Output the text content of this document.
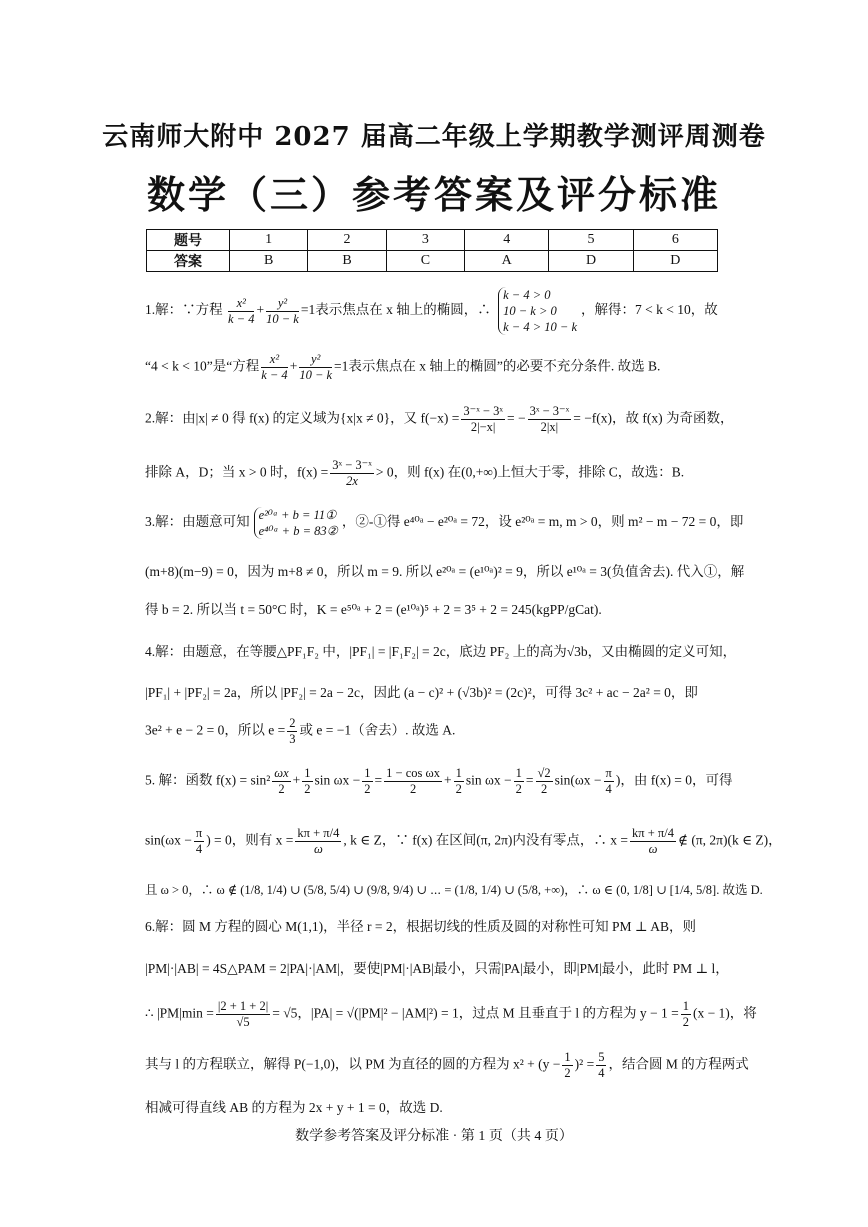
云南师大附中 2027 届高二年级上学期教学测评周测卷
数学（三）参考答案及评分标准
题号	1	2	3	4	5	6
答案	B	B	C	A	D	D
1.解：∵方程 $\frac{\text{x²}}{k - 4} + \frac{\text{y²}}{10 - k} =1$表示焦点在 x 轴上的椭圆，∴
k − 4 > 0
10 − k > 0
k − 4 > 10 − k
，解得：7 < k < 10，故
“4 < k < 10”是“方程 $\frac{\text{x²}}{k - 4} + \frac{\text{y²}}{10 - k} =1$表示焦点在 x 轴上的椭圆”的必要不充分条件. 故选 B.
2.解：由|x| ≠ 0 得 f(x) 的定义域为{x|x ≠ 0}，又 $f(-x) = \frac{\text{3⁻ˣ − 3ˣ}}{2|-x|}$ = − $\frac{\text{3ˣ − 3⁻ˣ}}{2|x|} = -f(x)$，故 f(x) 为奇函数，
排除 A，D；当 x > 0 时，$f(x) = \frac{\text{3ˣ − 3⁻ˣ}}{2x} > 0$，则 f(x) 在(0,+∞)上恒大于零，排除 C，故选：B.
3.解：由题意可知 e²⁰ᵃ + b = 11①
e⁴⁰ᵃ + b = 83②
，②-①得 e⁴⁰ᵃ − e²⁰ᵃ = 72，设 e²⁰ᵃ = m, m > 0，则 m² − m − 72 = 0，即
(m+8)(m−9) = 0，因为 m+8 ≠ 0，所以 m = 9. 所以 e²⁰ᵃ = (e¹⁰ᵃ)² = 9，所以 e¹⁰ᵃ = 3(负值舍去). 代入①，解
得 b = 2. 所以当 t = 50°C 时，K = e⁵⁰ᵃ + 2 = (e¹⁰ᵃ)⁵ + 2 = 3⁵ + 2 = 245(kgPP/gCat).
4.解：由题意，在等腰△PF₁F₂ 中，|PF₁| = |F₁F₂| = 2c，底边 PF₂ 上的高为√3b，又由椭圆的定义可知，
|PF₁| + |PF₂| = 2a，所以 |PF₂| = 2a − 2c，因此 (a − c)² + (√3b)² = (2c)²，可得 3c² + ac − 2a² = 0，即
3e² + e − 2 = 0，所以 $e = \frac{2}{3}$ 或 e = −1（舍去）. 故选 A.
5. 解：函数 $f(x) = \sin^2 \frac{\omega x}{2} + \frac{1}{2}$ $\sin \omega x - \frac{1}{2} = \frac{\text{1 − cos ωx}}{2} + \frac{1}{2}$ $\sin \omega x - \frac{1}{2} = \frac{√2}{2} \sin(\omega x - \frac{\pi}{4}$ )，由 f(x) = 0，可得
$\sin(\omega x - \frac{\pi}{4}$ ) = 0，则有 $x = \frac{k\pi + \pi/4}{\omega}$ , k ∈ Z，∵ f(x) 在区间(π, 2π)内没有零点，∴ $x = \frac{k\pi + \pi/4}{\omega}$ ∉ (π, 2π)(k ∈ Z)，
且 ω > 0，∴ ω ∉ (1/8, 1/4) ∪ (5/8, 5/4) ∪ (9/8, 9/4) ∪ ⋯ = (1/8, 1/4) ∪ (5/8, +∞)，∴ ω ∈ (0, 1/8] ∪ [1/4, 5/8]. 故选 D.
6.解：圆 M 方程的圆心 M(1,1)，半径 r = 2，根据切线的性质及圆的对称性可知 PM ⊥ AB，则
|PM|·|AB| = 4S△PAM = 2|PA|·|AM|，要使|PM|·|AB|最小，只需|PA|最小，即|PM|最小，此时 PM ⊥ l，
∴ $|PM|\min = \frac{|2 + 1 + 2|}{√5} = √5$，|PA| = √(|PM|² − |AM|²) = 1，过点 M 且垂直于 l 的方程为 $y - 1 = \frac{1}{2} (x - 1)$，将
其与 l 的方程联立，解得 P(−1,0)，以 PM 为直径的圆的方程为 $x^2 + (y - \frac{1}{2} )^2 = \frac{5}{4}$ ，结合圆 M 的方程两式
相减可得直线 AB 的方程为 2x + y + 1 = 0，故选 D.
数学参考答案及评分标准 · 第 1 页（共 4 页）
